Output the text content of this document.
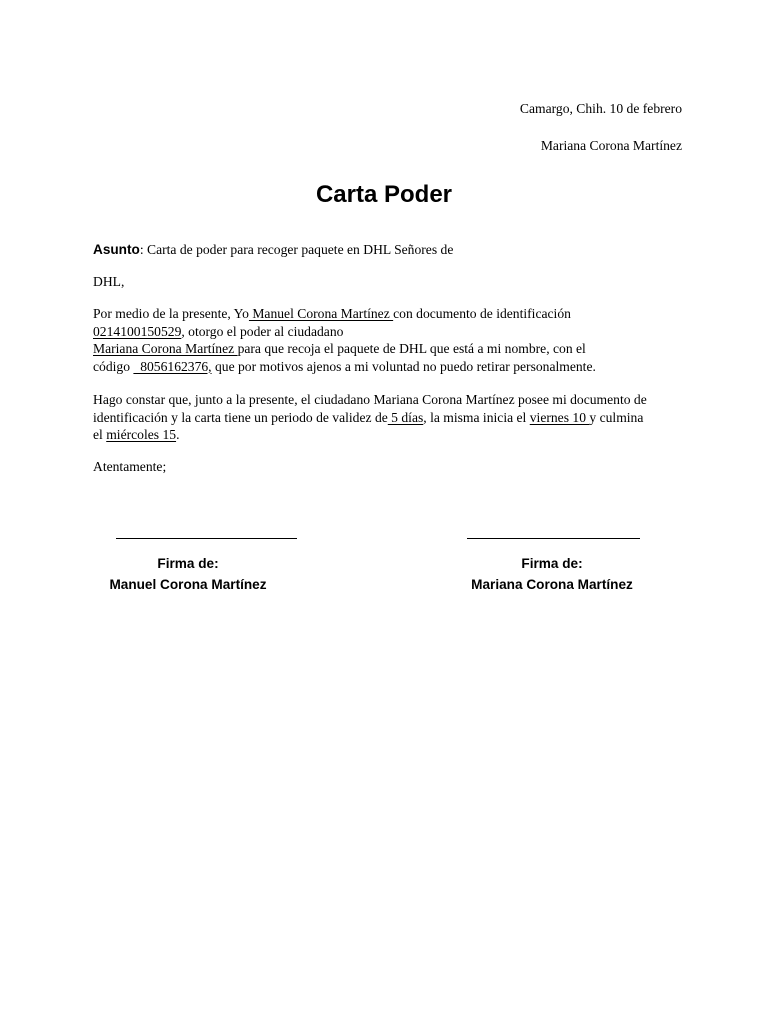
Camargo, Chih. 10 de febrero
Mariana Corona Martínez
Carta Poder
Asunto: Carta de poder para recoger paquete en DHL Señores de
DHL,
Por medio de la presente, Yo Manuel Corona Martínez con documento de identificación
0214100150529, otorgo el poder al ciudadano
Mariana Corona Martínez para que recoja el paquete de DHL que está a mi nombre, con el
código   8056162376, que por motivos ajenos a mi voluntad no puedo retirar personalmente.
Hago constar que, junto a la presente, el ciudadano Mariana Corona Martínez posee mi documento de
identificación y la carta tiene un periodo de validez de 5 días, la misma inicia el viernes 10 y culmina
el miércoles 15.
Atentamente;
Firma de:
Manuel Corona Martínez
Firma de:
Mariana Corona Martínez
